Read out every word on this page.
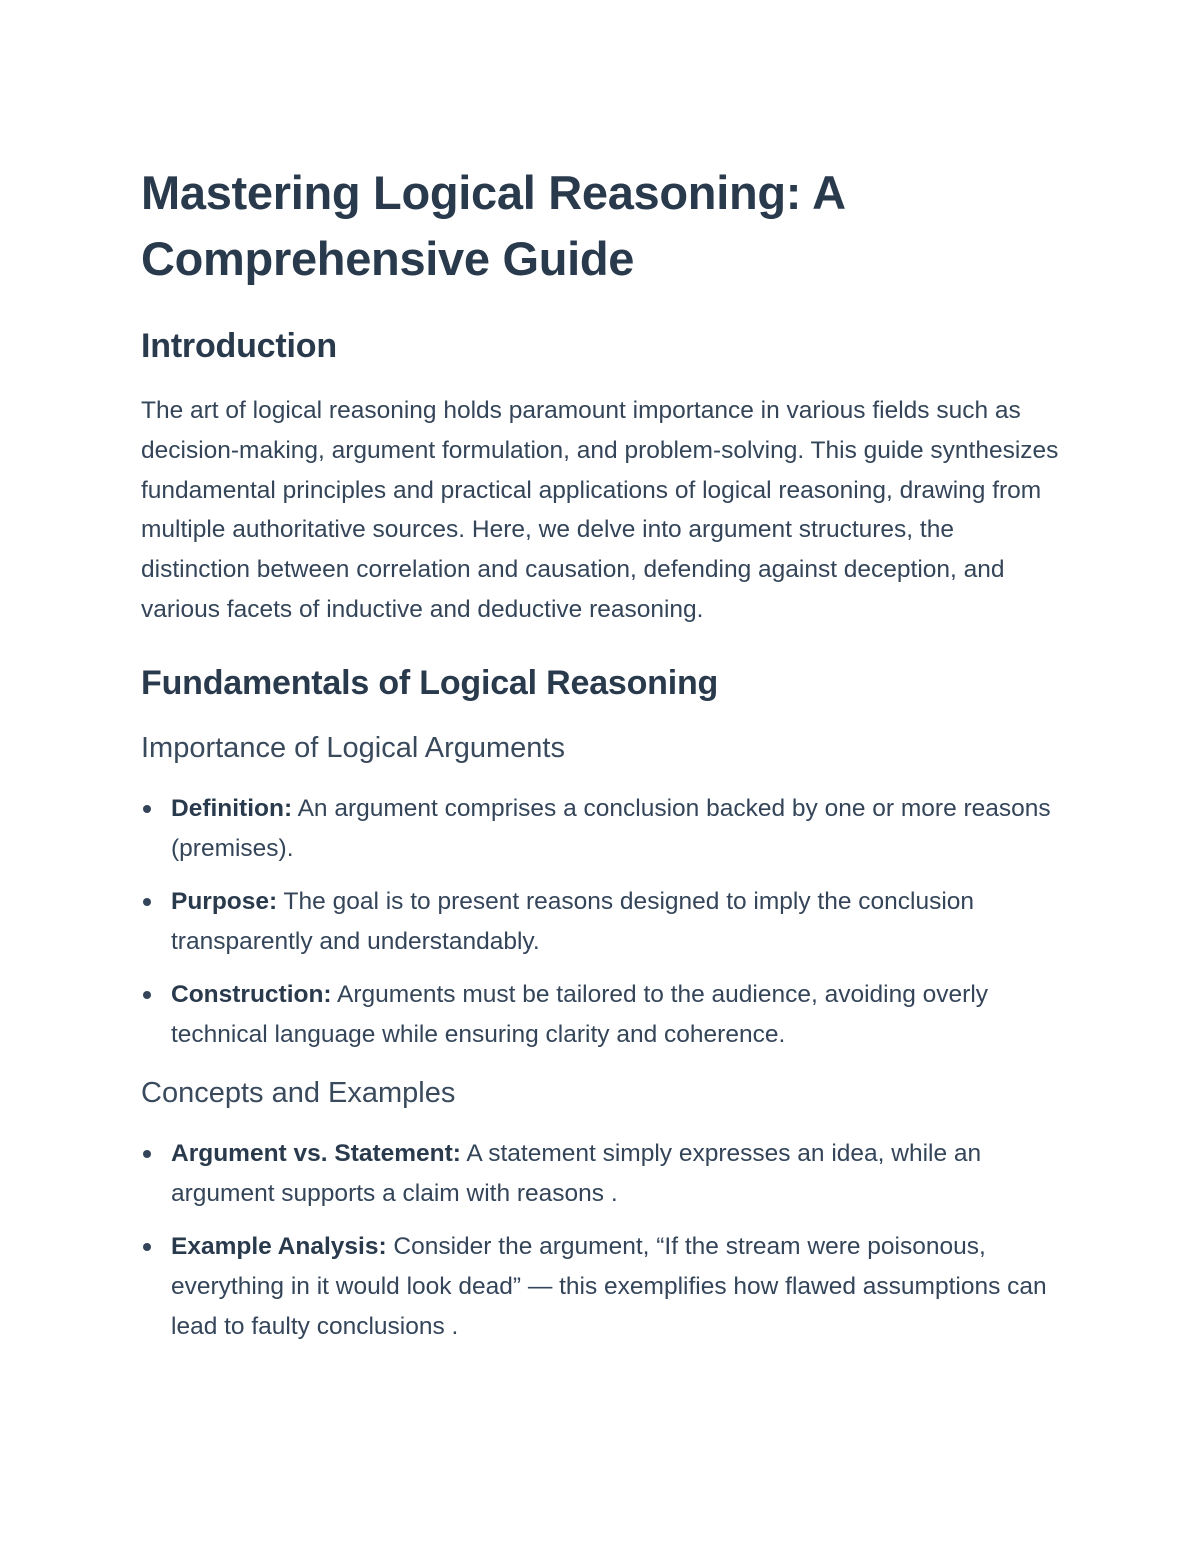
Mastering Logical Reasoning: A Comprehensive Guide
Introduction

The art of logical reasoning holds paramount importance in various fields such as decision-making, argument formulation, and problem-solving. This guide synthesizes fundamental principles and practical applications of logical reasoning, drawing from multiple authoritative sources. Here, we delve into argument structures, the distinction between correlation and causation, defending against deception, and various facets of inductive and deductive reasoning.

Fundamentals of Logical Reasoning
Importance of Logical Arguments
Definition: An argument comprises a conclusion backed by one or more reasons (premises).
Purpose: The goal is to present reasons designed to imply the conclusion transparently and understandably.
Construction: Arguments must be tailored to the audience, avoiding overly technical language while ensuring clarity and coherence.
Concepts and Examples
Argument vs. Statement: A statement simply expresses an idea, while an argument supports a claim with reasons .
Example Analysis: Consider the argument, “If the stream were poisonous, everything in it would look dead” — this exemplifies how flawed assumptions can lead to faulty conclusions .
